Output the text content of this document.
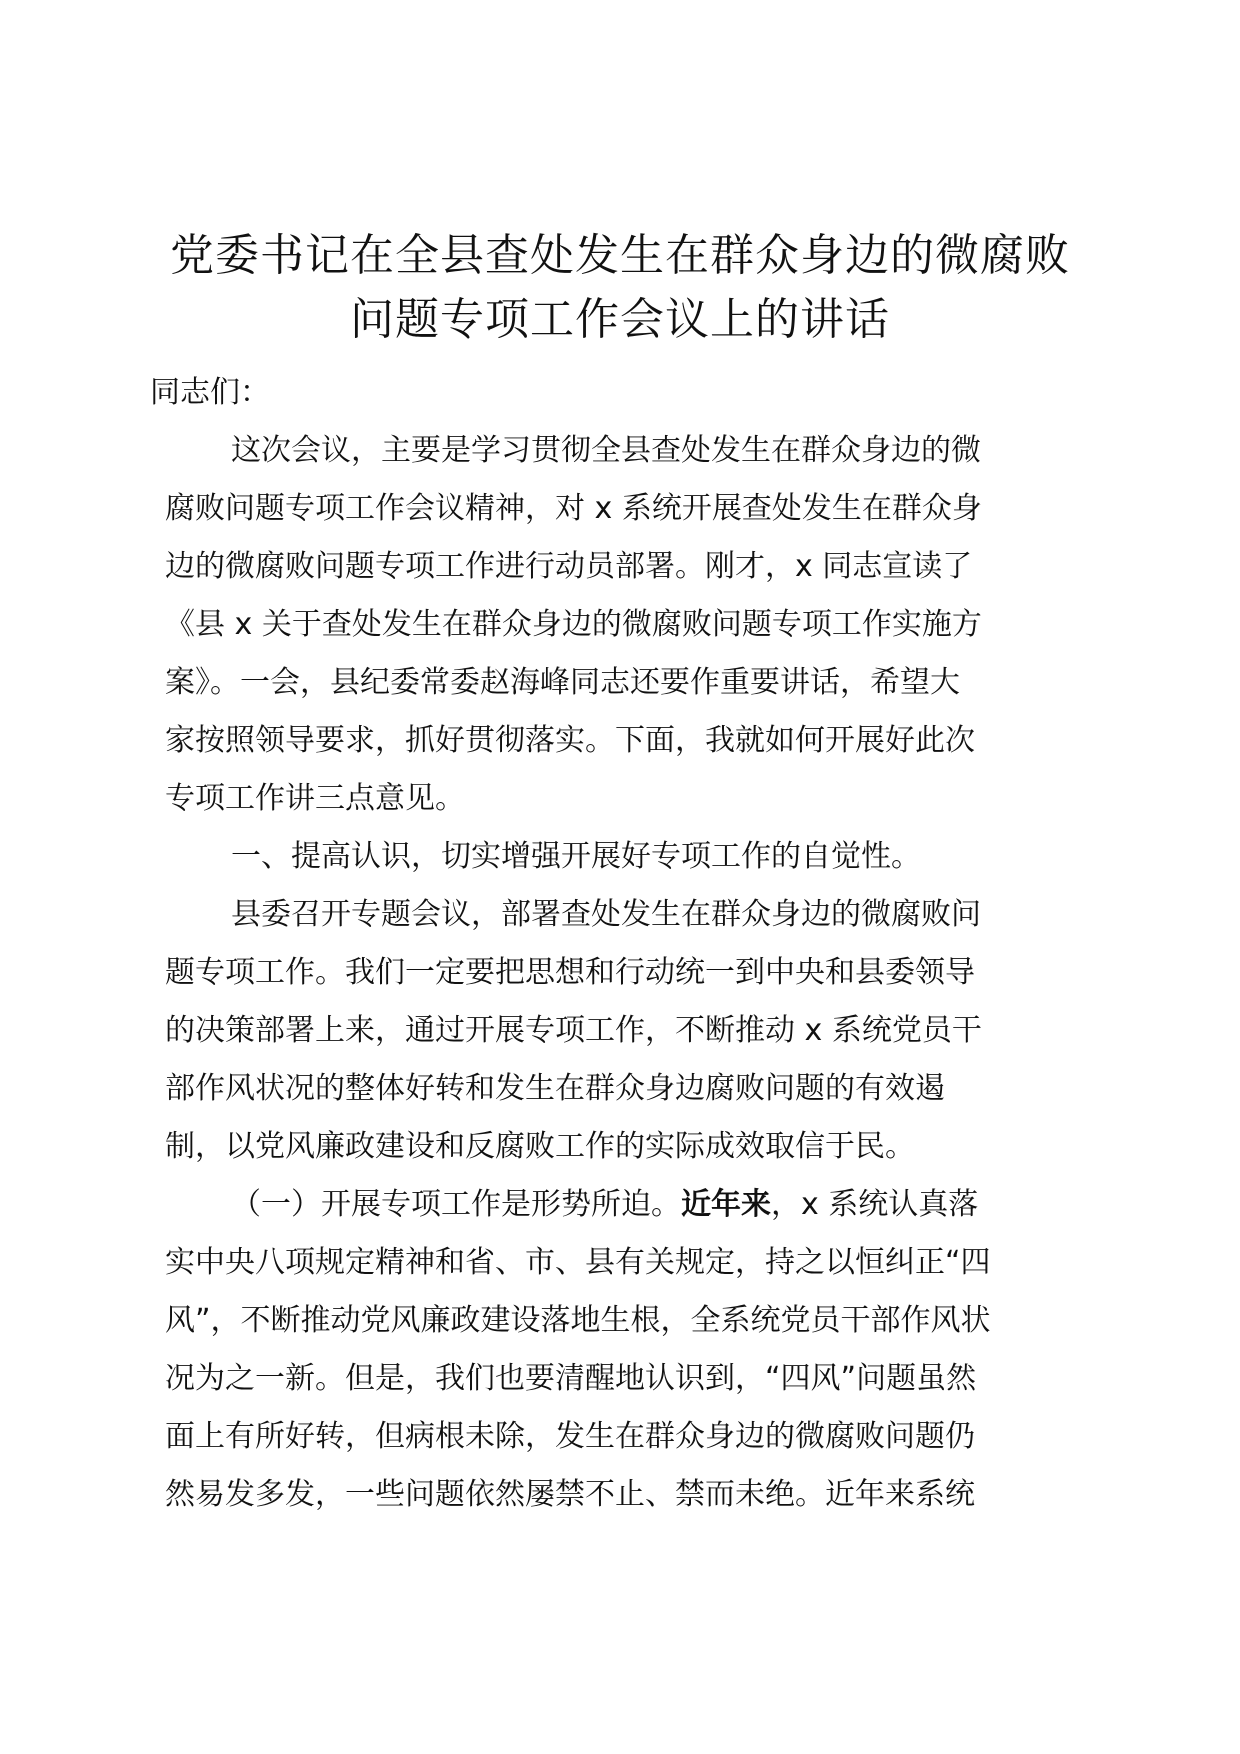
党委书记在全县查处发生在群众身边的微腐败
问题专项工作会议上的讲话
同志们：
这次会议，主要是学习贯彻全县查处发生在群众身边的微
腐败问题专项工作会议精神，对 x 系统开展查处发生在群众身
边的微腐败问题专项工作进行动员部署。刚才，x 同志宣读了
《县 x 关于查处发生在群众身边的微腐败问题专项工作实施方
案》。一会，县纪委常委赵海峰同志还要作重要讲话，希望大
家按照领导要求，抓好贯彻落实。下面，我就如何开展好此次
专项工作讲三点意见。
一、提高认识，切实增强开展好专项工作的自觉性。
县委召开专题会议，部署查处发生在群众身边的微腐败问
题专项工作。我们一定要把思想和行动统一到中央和县委领导
的决策部署上来，通过开展专项工作，不断推动 x 系统党员干
部作风状况的整体好转和发生在群众身边腐败问题的有效遏
制，以党风廉政建设和反腐败工作的实际成效取信于民。
（一）开展专项工作是形势所迫。近年来，x 系统认真落
实中央八项规定精神和省、市、县有关规定，持之以恒纠正“四
风”，不断推动党风廉政建设落地生根，全系统党员干部作风状
况为之一新。但是，我们也要清醒地认识到，“四风”问题虽然
面上有所好转，但病根未除，发生在群众身边的微腐败问题仍
然易发多发，一些问题依然屡禁不止、禁而未绝。近年来系统
